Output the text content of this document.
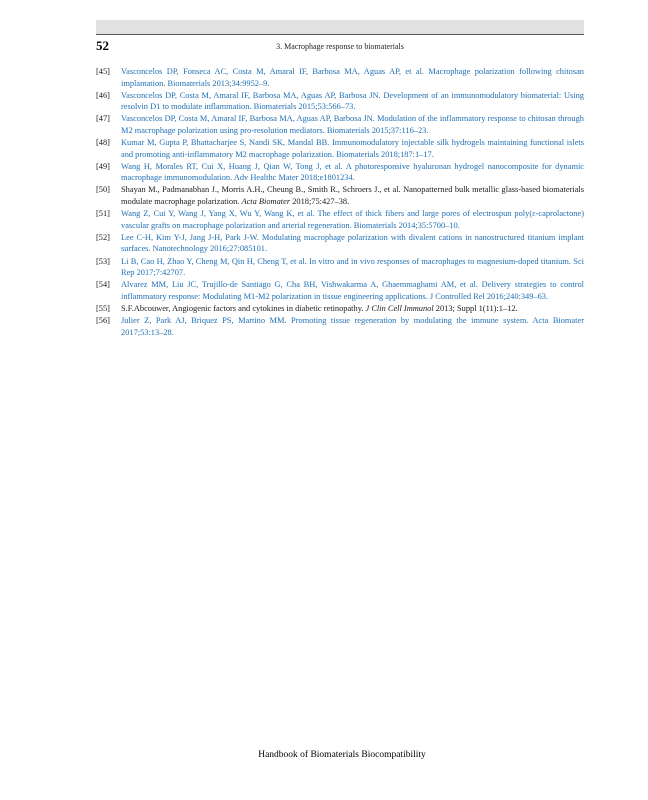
52	3. Macrophage response to biomaterials
[45] Vasconcelos DP, Fonseca AC, Costa M, Amaral IF, Barbosa MA, Aguas AP, et al. Macrophage polarization following chitosan implantation. Biomaterials 2013;34:9952–9.
[46] Vasconcelos DP, Costa M, Amaral IF, Barbosa MA, Aguas AP, Barbosa JN. Development of an immunomodulatory biomaterial: Using resolvin D1 to modulate inflammation. Biomaterials 2015;53:566–73.
[47] Vasconcelos DP, Costa M, Amaral IF, Barbosa MA, Aguas AP, Barbosa JN. Modulation of the inflammatory response to chitosan through M2 macrophage polarization using pro-resolution mediators. Biomaterials 2015;37:116–23.
[48] Kumar M, Gupta P, Bhattacharjee S, Nandi SK, Mandal BB. Immunomodulatory injectable silk hydrogels maintaining functional islets and promoting anti-inflammatory M2 macrophage polarization. Biomaterials 2018;187:1–17.
[49] Wang H, Morales RT, Cui X, Huang J, Qian W, Tong J, et al. A photoresponsive hyaluronan hydrogel nanocomposite for dynamic macrophage immunomodulation. Adv Healthc Mater 2018;e1801234.
[50] Shayan M., Padmanabhan J., Morris A.H., Cheung B., Smith R., Schroers J., et al. Nanopatterned bulk metallic glass-based biomaterials modulate macrophage polarization. Acta Biomater 2018;75:427–38.
[51] Wang Z, Cui Y, Wang J, Yang X, Wu Y, Wang K, et al. The effect of thick fibers and large pores of electrospun poly(ε-caprolactone) vascular grafts on macrophage polarization and arterial regeneration. Biomaterials 2014;35:5700–10.
[52] Lee C-H, Kim Y-J, Jang J-H, Park J-W. Modulating macrophage polarization with divalent cations in nanostructured titanium implant surfaces. Nanotechnology 2016;27:085101.
[53] Li B, Cao H, Zhao Y, Cheng M, Qin H, Cheng T, et al. In vitro and in vivo responses of macrophages to magnesium-doped titanium. Sci Rep 2017;7:42707.
[54] Alvarez MM, Liu JC, Trujillo-de Santiago G, Cha BH, Vishwakarma A, Ghaemmaghami AM, et al. Delivery strategies to control inflammatory response: Modulating M1-M2 polarization in tissue engineering applications. J Controlled Rel 2016;240:349–63.
[55] S.F.Abcouwer, Angiogenic factors and cytokines in diabetic retinopathy. J Clin Cell Immunol 2013; Suppl 1(11):1–12.
[56] Julier Z, Park AJ, Briquez PS, Martino MM. Promoting tissue regeneration by modulating the immune system. Acta Biomater 2017;53:13–28.
Handbook of Biomaterials Biocompatibility
